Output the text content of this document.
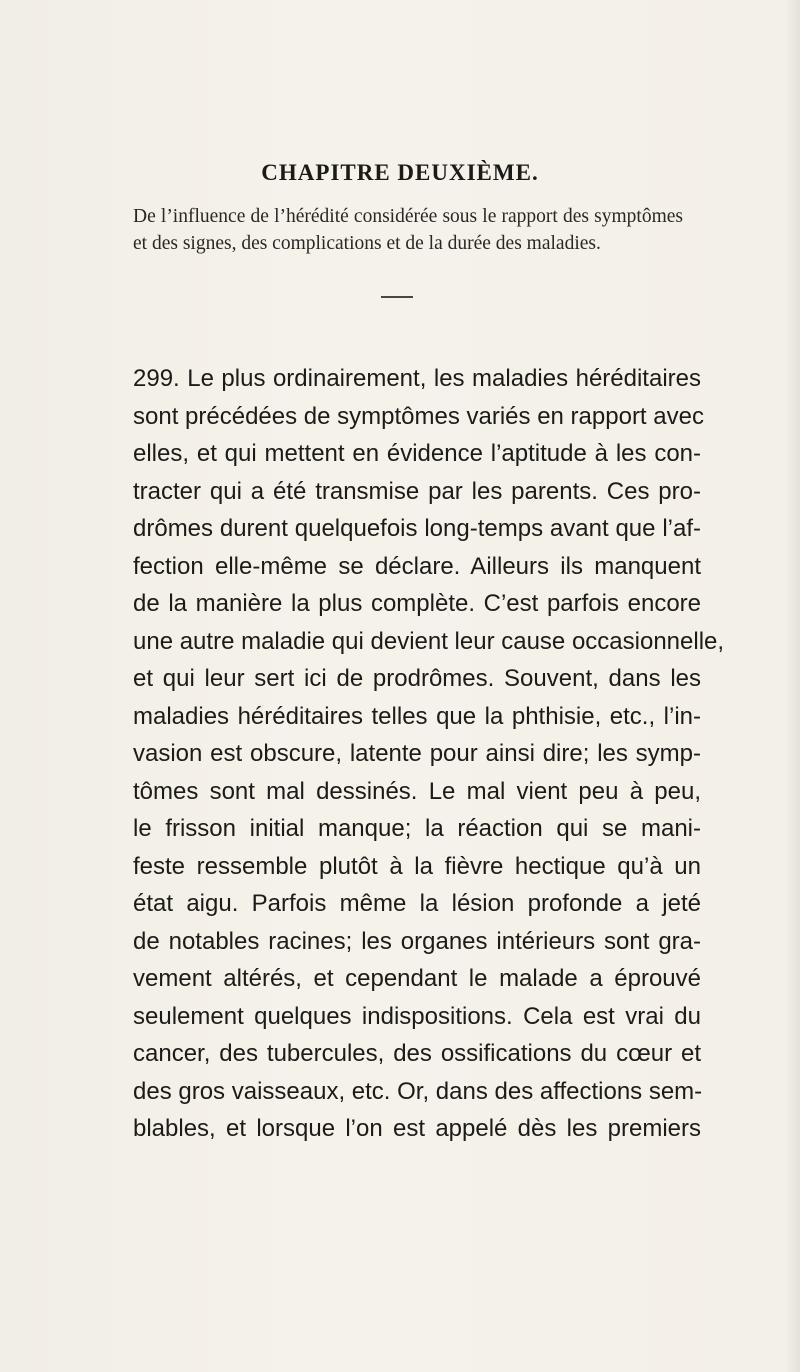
CHAPITRE DEUXIÈME.
De l’influence de l’hérédité considérée sous le rapport des symptômes et des signes, des complications et de la durée des maladies.
299. Le plus ordinairement, les maladies héréditaires
sont précédées de symptômes variés en rapport avec
elles, et qui mettent en évidence l’aptitude à les con-
tracter qui a été transmise par les parents. Ces pro-
drômes durent quelquefois long-temps avant que l’af-
fection elle-même se déclare. Ailleurs ils manquent
de la manière la plus complète. C’est parfois encore
une autre maladie qui devient leur cause occasionnelle,
et qui leur sert ici de prodrômes. Souvent, dans les
maladies héréditaires telles que la phthisie, etc., l’in-
vasion est obscure, latente pour ainsi dire; les symp-
tômes sont mal dessinés. Le mal vient peu à peu,
le frisson initial manque; la réaction qui se mani-
feste ressemble plutôt à la fièvre hectique qu’à un
état aigu. Parfois même la lésion profonde a jeté
de notables racines; les organes intérieurs sont gra-
vement altérés, et cependant le malade a éprouvé
seulement quelques indispositions. Cela est vrai du
cancer, des tubercules, des ossifications du cœur et
des gros vaisseaux, etc. Or, dans des affections sem-
blables, et lorsque l’on est appelé dès les premiers
